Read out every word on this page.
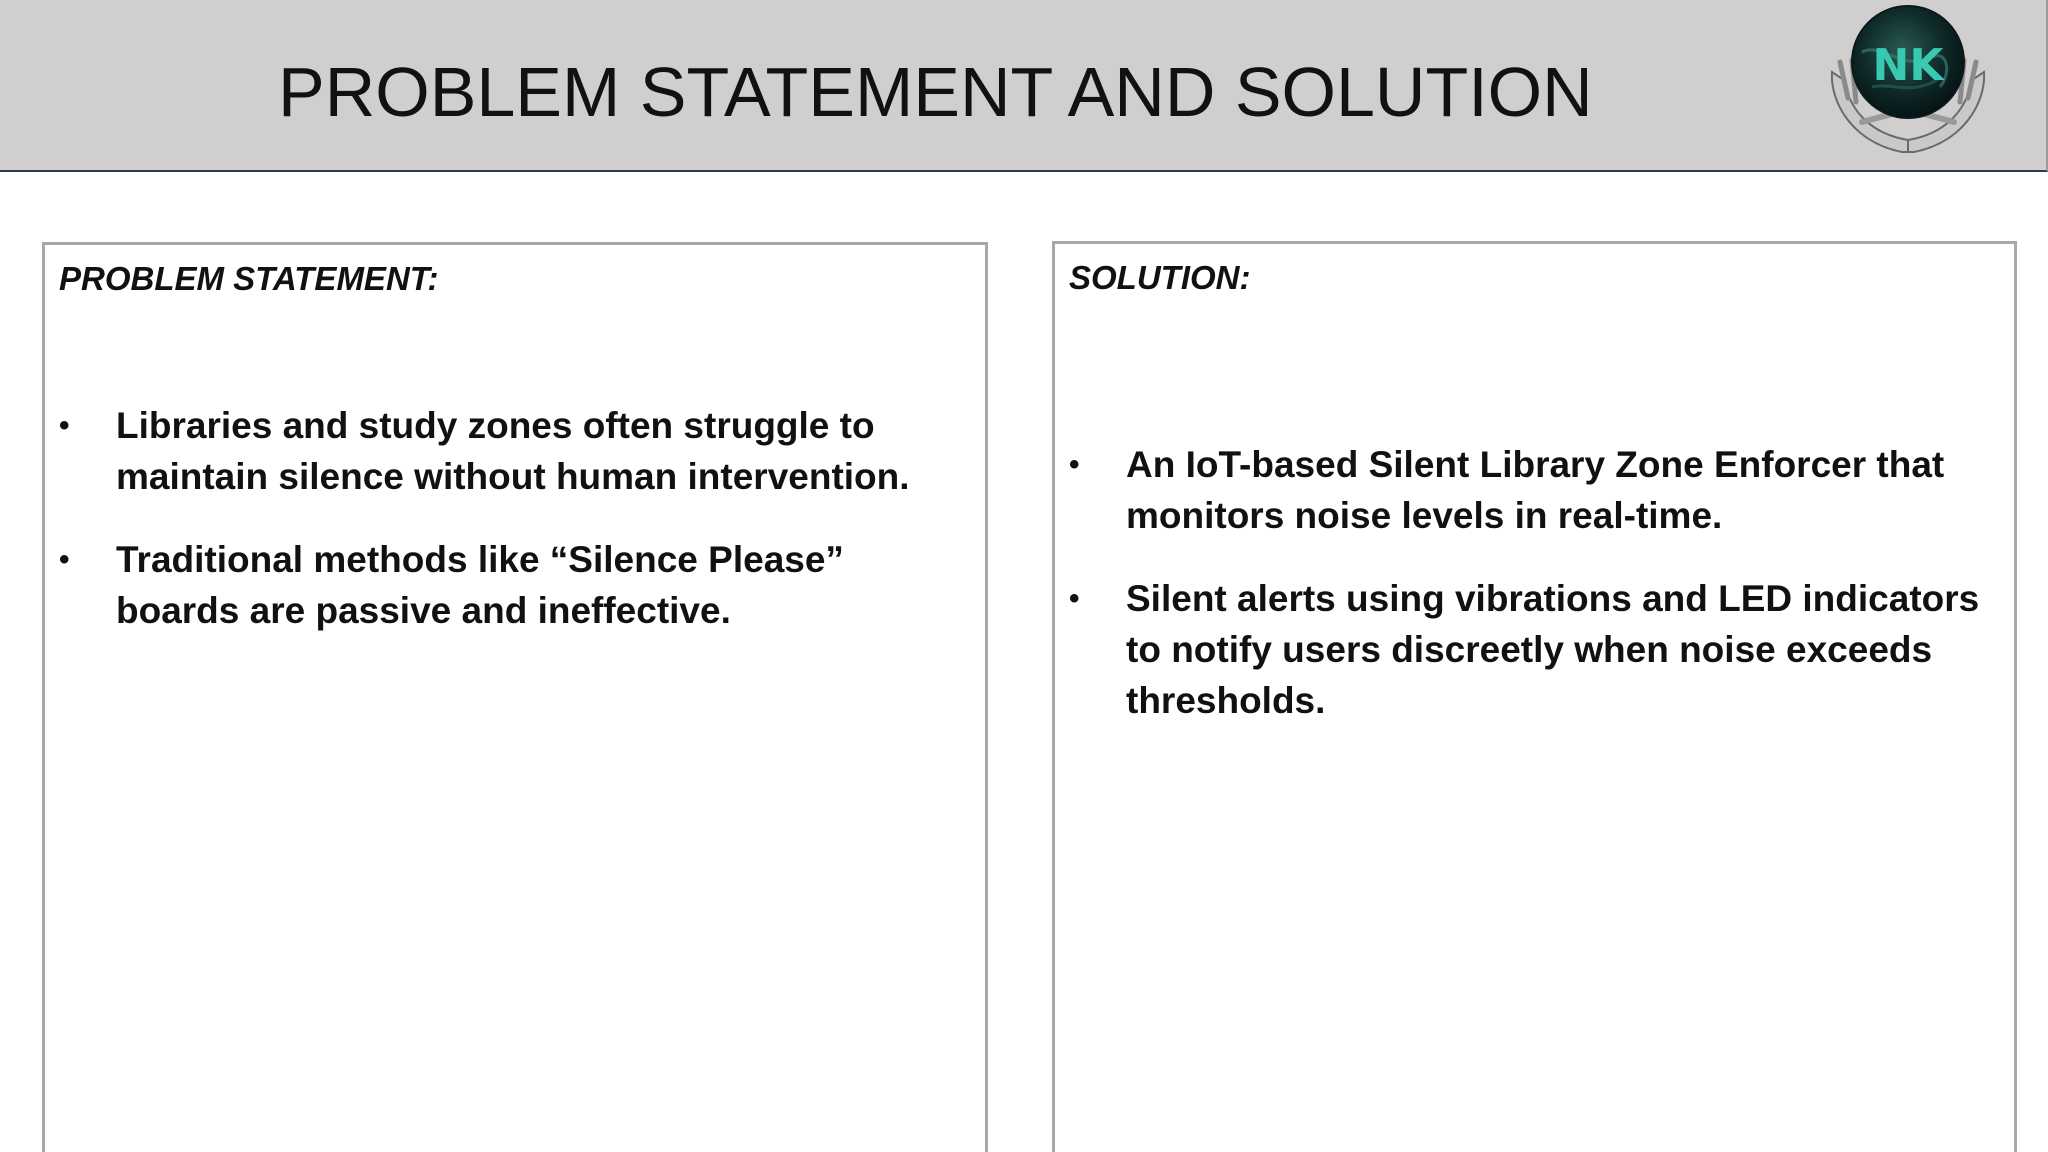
PROBLEM STATEMENT AND SOLUTION	NK
PROBLEM STATEMENT:
• Libraries and study zones often struggle to maintain silence without human intervention.
• Traditional methods like “Silence Please” boards are passive and ineffective.
SOLUTION:
• An IoT-based Silent Library Zone Enforcer that monitors noise levels in real-time.
• Silent alerts using vibrations and LED indicators to notify users discreetly when noise exceeds thresholds.
